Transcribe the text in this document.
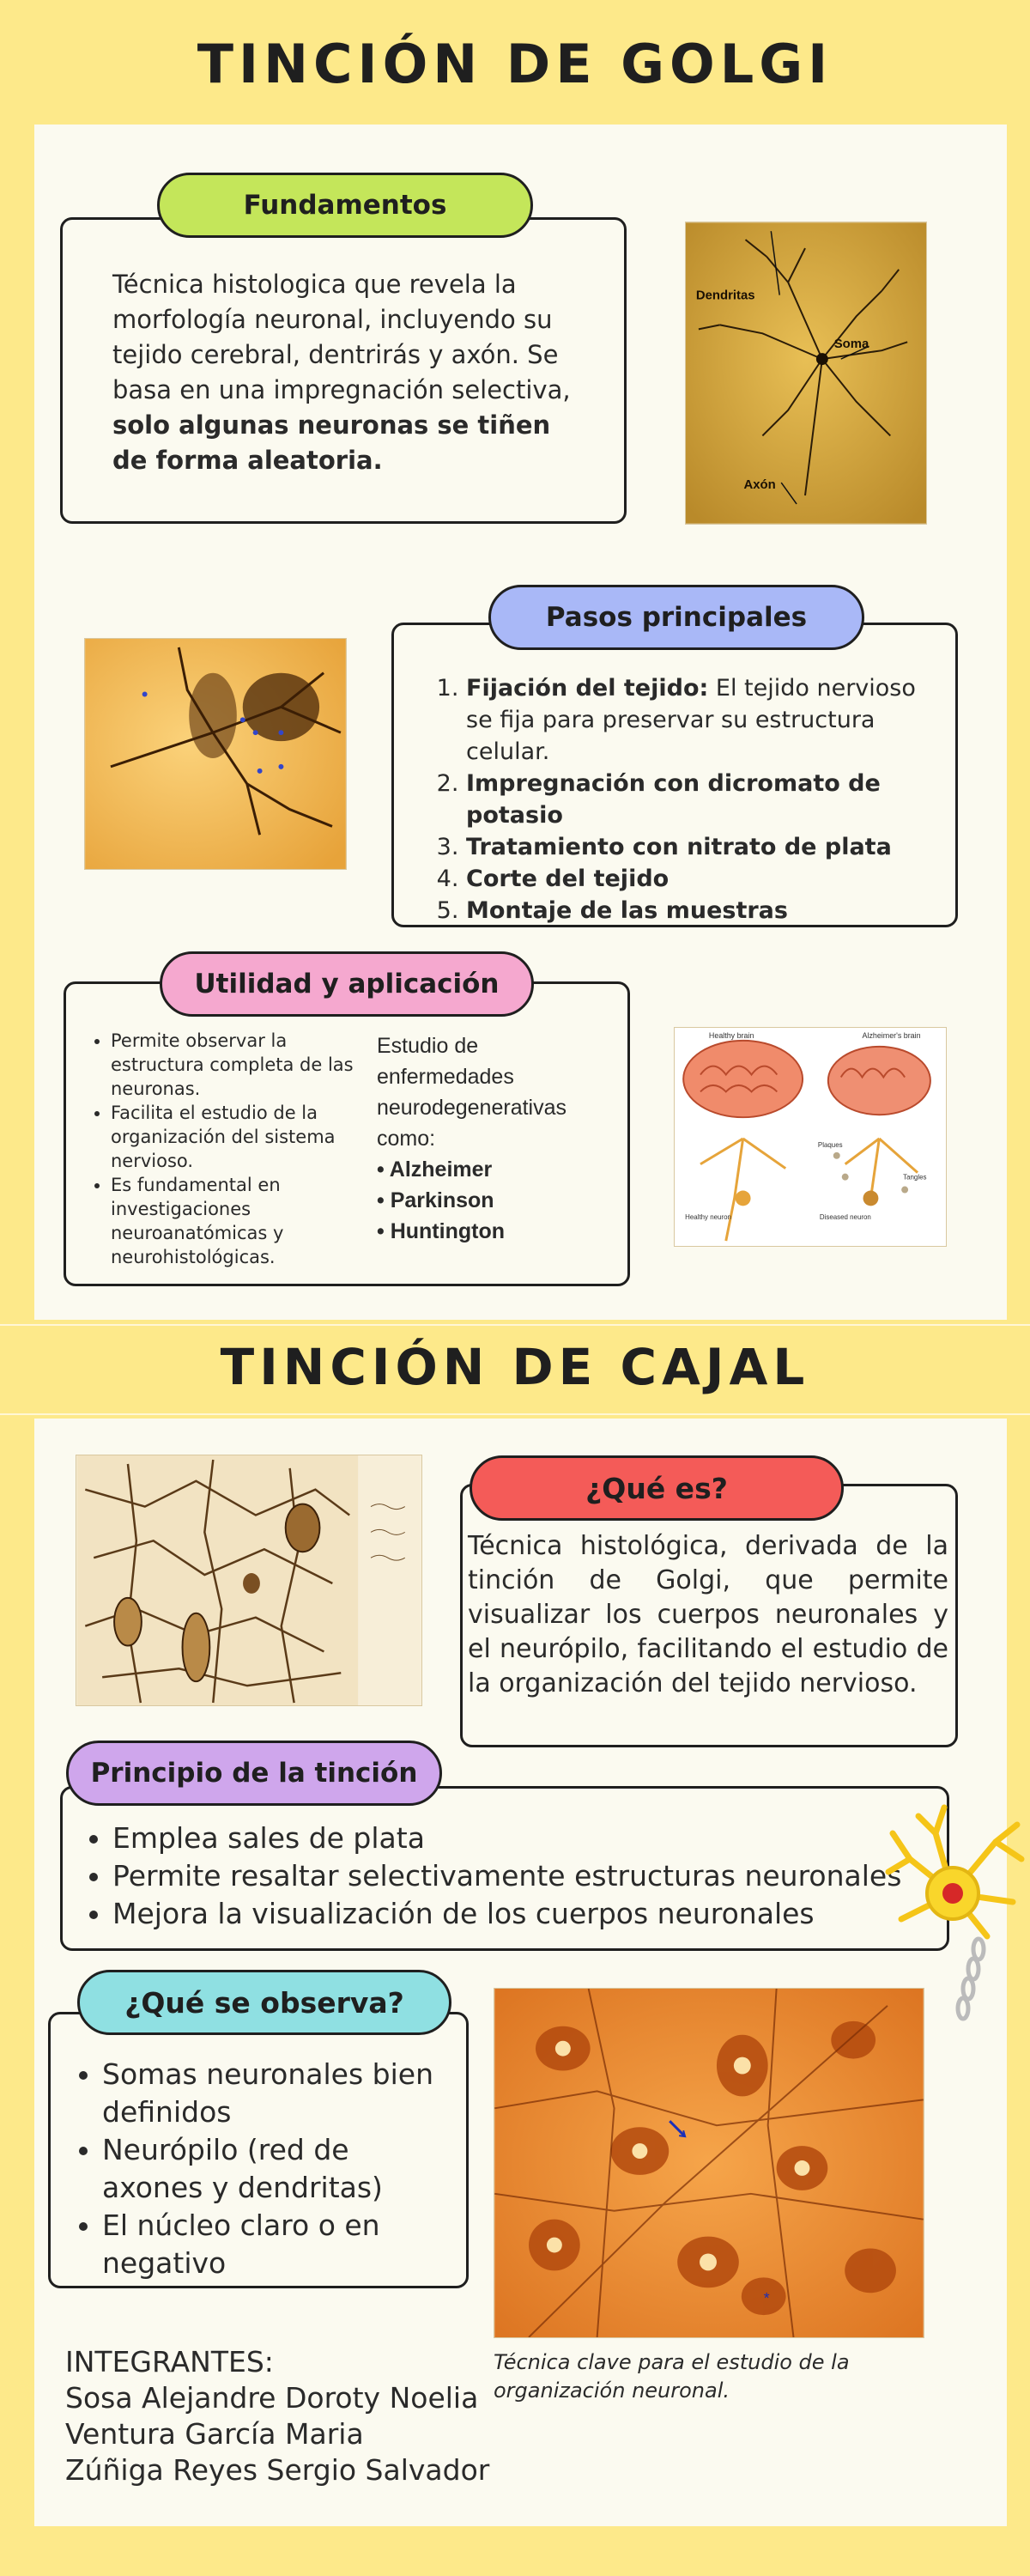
TINCIÓN DE GOLGI
Técnica histologica que revela la morfología neuronal, incluyendo su tejido cerebral, dentrirás y axón. Se basa en una impregnación selectiva, solo algunas neuronas se tiñen de forma aleatoria.
Fundamentos
Dendritas
Soma
Axón
1. Fijación del tejido: El tejido nervioso se fija para preservar su estructura celular.
2. Impregnación con dicromato de potasio
3. Tratamiento con nitrato de plata
4. Corte del tejido
5. Montaje de las muestras
Pasos principales
• Permite observar la estructura completa de las neuronas.
• Facilita el estudio de la organización del sistema nervioso.
• Es fundamental en investigaciones neuroanatómicas y neurohistológicas.
Estudio de enfermedades neurodegenerativas como:
• Alzheimer
• Parkinson
• Huntington
Utilidad y aplicación
Healthy brain	Alzheimer's brain
Plaques
Tangles
Healthy neuron	Diseased neuron
TINCIÓN DE CAJAL
Técnica histológica, derivada de la tinción de Golgi, que permite visualizar los cuerpos neuronales y el neurópilo, facilitando el estudio de la organización del tejido nervioso.
¿Qué es?
• Emplea sales de plata
• Permite resaltar selectivamente estructuras neuronales
• Mejora la visualización de los cuerpos neuronales
Principio de la tinción
• Somas neuronales bien definidos
• Neurópilo (red de axones y dendritas)
• El núcleo claro o en negativo
¿Qué se observa?
*
Técnica clave para el estudio de la organización neuronal.
INTEGRANTES:
Sosa Alejandre Doroty Noelia
Ventura García Maria
Zúñiga Reyes Sergio Salvador
